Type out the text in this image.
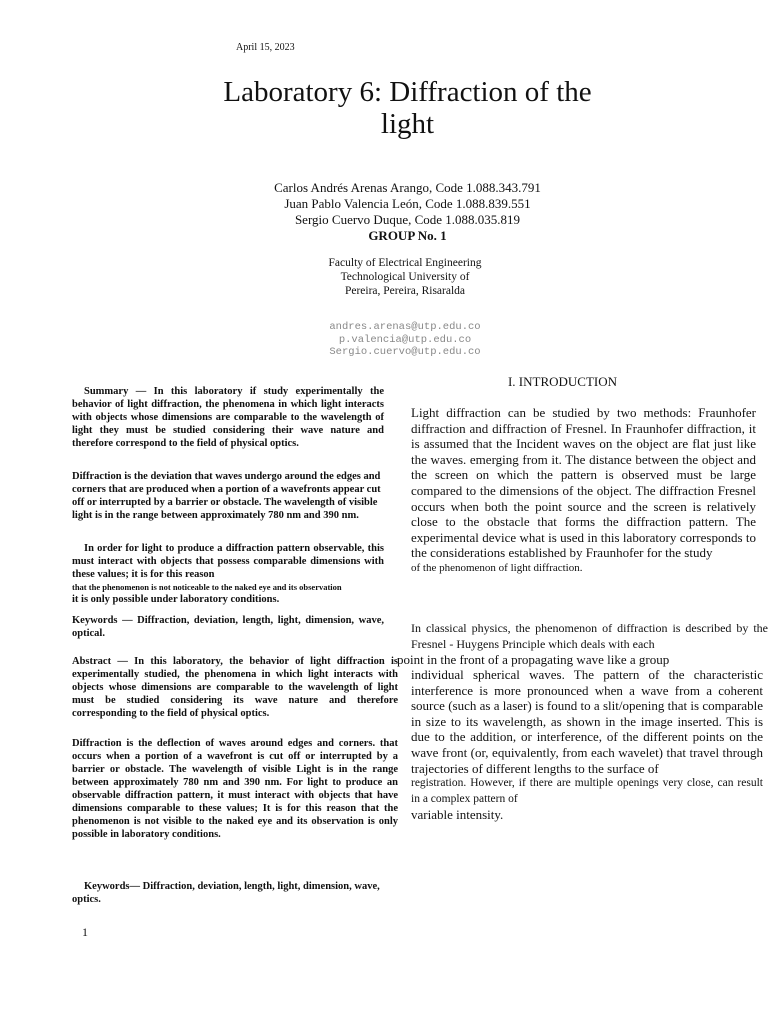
April 15, 2023
Laboratory 6: Diffraction of the
light
Carlos Andrés Arenas Arango, Code 1.088.343.791
Juan Pablo Valencia León, Code 1.088.839.551
Sergio Cuervo Duque, Code 1.088.035.819
GROUP No. 1
Faculty of Electrical Engineering
Technological University of
Pereira, Pereira, Risaralda
andres.arenas@utp.edu.co
p.valencia@utp.edu.co
Sergio.cuervo@utp.edu.co

Summary — In this laboratory if study experimentally the behavior of light diffraction, the phenomena in which light interacts with objects whose dimensions are comparable to the wavelength of light they must be studied considering their wave nature and therefore correspond to the field of physical optics.

Diffraction is the deviation that waves undergo around the edges and corners that are produced when a portion of a wavefronts appear cut off or interrupted by a barrier or obstacle. The wavelength of visible light is in the range between approximately 780 nm and 390 nm.

In order for light to produce a diffraction pattern observable, this must interact with objects that possess comparable dimensions with these values; it is for this reason

that the phenomenon is not noticeable to the naked eye and its observation

it is only possible under laboratory conditions.

Keywords — Diffraction, deviation, length, light, dimension, wave, optical.

Abstract — In this laboratory, the behavior of light diffraction is experimentally studied, the phenomena in which light interacts with objects whose dimensions are comparable to the wavelength of light must be studied considering its wave nature and therefore corresponding to the field of physical optics.

Diffraction is the deflection of waves around edges and corners. that occurs when a portion of a wavefront is cut off or interrupted by a barrier or obstacle. The wavelength of visible Light is in the range between approximately 780 nm and 390 nm. For light to produce an observable diffraction pattern, it must interact with objects that have dimensions comparable to these values; It is for this reason that the phenomenon is not visible to the naked eye and its observation is only possible in laboratory conditions.

Keywords— Diffraction, deviation, length, light, dimension, wave, optics.

I. INTRODUCTION

Light diffraction can be studied by two methods: Fraunhofer diffraction and diffraction of Fresnel. In Fraunhofer diffraction, it is assumed that the Incident waves on the object are flat just like the waves. emerging from it. The distance between the object and the screen on which the pattern is observed must be large compared to the dimensions of the object. The diffraction Fresnel occurs when both the point source and the screen is relatively close to the obstacle that forms the diffraction pattern. The experimental device what is used in this laboratory corresponds to the considerations established by Fraunhofer for the study

of the phenomenon of light diffraction.

In classical physics, the phenomenon of diffraction is described by the Fresnel - Huygens Principle which deals with each

point in the front of a propagating wave like a group

individual spherical waves. The pattern of the characteristic interference is more pronounced when a wave from a coherent source (such as a laser) is found to a slit/opening that is comparable in size to its wavelength, as shown in the image inserted. This is due to the addition, or interference, of the different points on the wave front (or, equivalently, from each wavelet) that travel through trajectories of different lengths to the surface of

registration. However, if there are multiple openings very close, can result in a complex pattern of

variable intensity.

1
